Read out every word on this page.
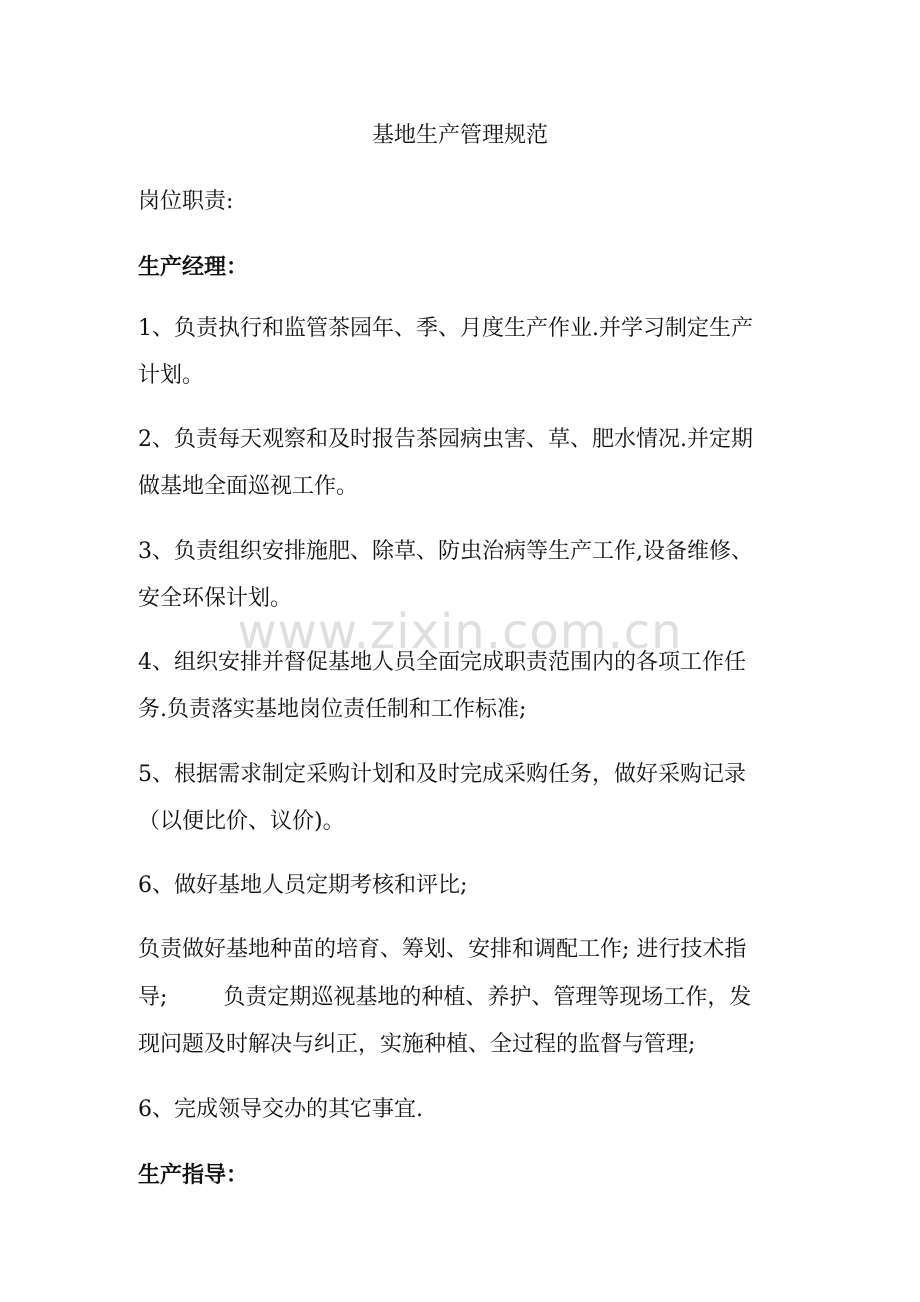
基地生产管理规范
岗位职责:
生产经理：
1、负责执行和监管茶园年、季、月度生产作业.并学习制定生产
计划。
2、负责每天观察和及时报告茶园病虫害、草、肥水情况.并定期
做基地全面巡视工作。
3、负责组织安排施肥、除草、防虫治病等生产工作,设备维修、
安全环保计划。
4、组织安排并督促基地人员全面完成职责范围内的各项工作任
务.负责落实基地岗位责任制和工作标准;
5、根据需求制定采购计划和及时完成采购任务，做好采购记录
（以便比价、议价)。
6、做好基地人员定期考核和评比;
负责做好基地种苗的培育、筹划、安排和调配工作; 进行技术指
导;        负责定期巡视基地的种植、养护、管理等现场工作，发
现问题及时解决与纠正，实施种植、全过程的监督与管理;
6、完成领导交办的其它事宜.
生产指导：
www.zixin.com.cn
